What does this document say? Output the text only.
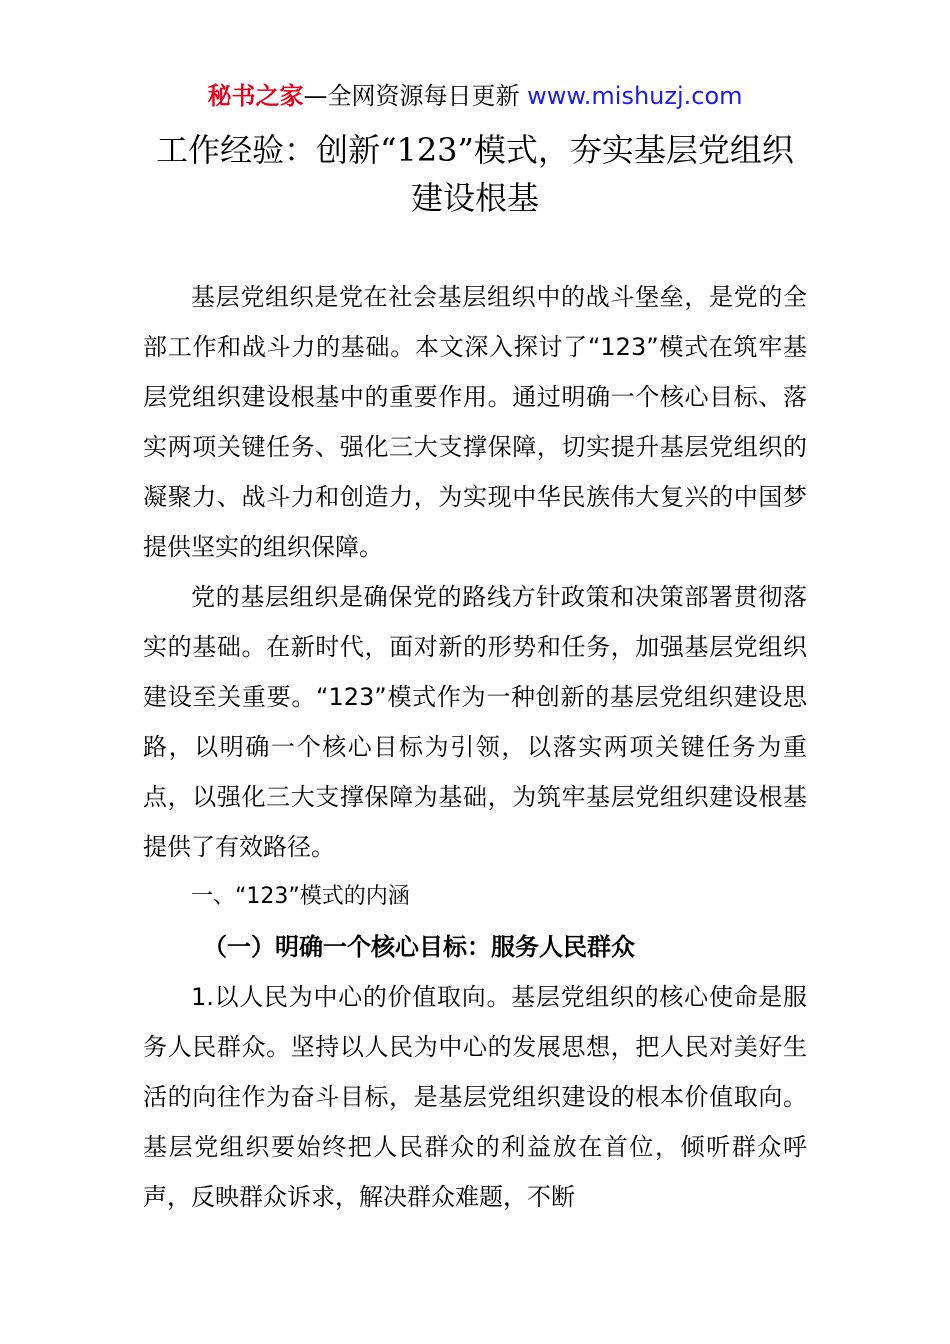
秘书之家—全网资源每日更新 www.mishuzj.com
工作经验：创新“123”模式，夯实基层党组织
建设根基

基层党组织是党在社会基层组织中的战斗堡垒，是党的全部工作和战斗力的基础。本文深入探讨了“123”模式在筑牢基层党组织建设根基中的重要作用。通过明确一个核心目标、落实两项关键任务、强化三大支撑保障，切实提升基层党组织的凝聚力、战斗力和创造力，为实现中华民族伟大复兴的中国梦提供坚实的组织保障。

党的基层组织是确保党的路线方针政策和决策部署贯彻落实的基础。在新时代，面对新的形势和任务，加强基层党组织建设至关重要。“123”模式作为一种创新的基层党组织建设思路，以明确一个核心目标为引领，以落实两项关键任务为重点，以强化三大支撑保障为基础，为筑牢基层党组织建设根基提供了有效路径。

一、“123”模式的内涵

（一）明确一个核心目标：服务人民群众

1.以人民为中心的价值取向。基层党组织的核心使命是服务人民群众。坚持以人民为中心的发展思想，把人民对美好生活的向往作为奋斗目标，是基层党组织建设的根本价值取向。基层党组织要始终把人民群众的利益放在首位，倾听群众呼声，反映群众诉求，解决群众难题，不断
